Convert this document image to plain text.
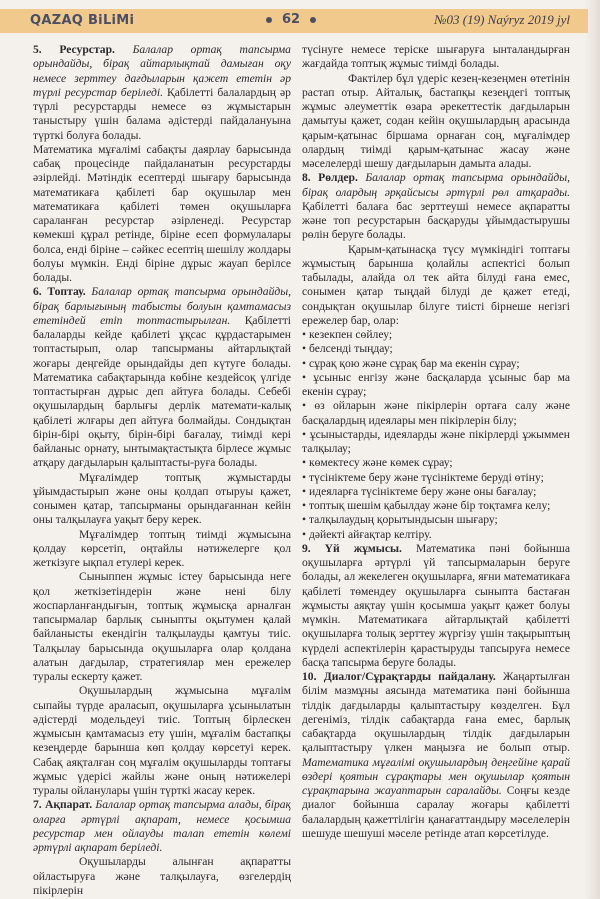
QAZAQ BiLiMi	62	№03 (19) Naýryz 2019 jyl

5. Ресурстар. Балалар ортақ тапсырма орындайды, бірақ айтарлықтай дамыған оқу немесе зерттеу дағдыларын қажет ететін әр түрлі ресурстар беріледі. Қабілетті балалардың әр түрлі ресурстарды немесе өз жұмыстарын таныстыру үшін балама әдістерді пайдалануына түрткі болуға болады.

Математика мұғалімі сабақты даярлау барысында сабақ процесінде пайдаланатын ресурстарды әзірлейді. Мәтіндік есептерді шығару барысында математикаға қабілеті бар оқушылар мен математикаға қабілеті төмен оқушыларға сараланған ресурстар әзірленеді. Ресурстар көмекші құрал ретінде, біріне есеп формулалары болса, енді біріне – сәйкес есептің шешілу жолдары болуы мүмкін. Енді біріне дұрыс жауап берілсе болады.

6. Топтау. Балалар ортақ тапсырма орындайды, бірақ барлығының табысты болуын қамтамасыз ететіндей етіп топтастырылған. Қабілетті балаларды кейде қабілеті ұқсас құрдастарымен топтастырып, олар тапсырманы айтарлықтай жоғары деңгейде орындайды деп күтуге болады. Математика сабақтарында көбіне кездейсоқ үлгіде топтастырған дұрыс деп айтуға болады. Себебі оқушылардың барлығы дерлік математи-калық қабілеті жлғары деп айтуға болмайды. Сондықтан бірін-бірі оқыту, бірін-бірі бағалау, тиімді кері байланыс орнату, ынтымақтастықта бірлесе жұмыс атқару дағдыларын қалыптасты-руға болады.

Мұғалімдер топтық жұмыстарды ұйымдастырып және оны қолдап отыруы қажет, сонымен қатар, тапсырманы орындағаннан кейін оны талқылауға уақыт беру керек.

Мұғалімдер топтың тиімді жұмысына қолдау көрсетіп, оңтайлы нәтижелерге қол жеткізуге ықпал етулері керек.

Сыныппен жұмыс істеу барысында неге қол жеткізетіндерін және нені білу жоспарланғандығын, топтық жұмысқа арналған тапсырмалар барлық сыныпты оқытумен қалай байланысты екендігін талқылауды қамтуы тиіс. Талқылау барысында оқушыларға олар қолдана алатын дағдылар, стратегиялар мен ережелер туралы ескерту қажет.

Оқушылардың жұмысына мұғалім сыпайы түрде араласып, оқушыларға ұсынылатын әдістерді модельдеуі тиіс. Топтың бірлескен жұмысын қамтамасыз ету үшін, мұғалім бастапқы кезеңдерде барынша көп қолдау көрсетуі керек. Сабақ аяқталған соң мұғалім оқушыларды топтағы жұмыс үдерісі жайлы және оның нәтижелері туралы ойланулары үшін түрткі жасау керек.

7. Ақпарат. Балалар ортақ тапсырма алады, бірақ оларға әртүрлі ақпарат, немесе қосымша ресурстар мен ойлауды талап ететін көлемі әртүрлі ақпарат беріледі.

Оқушыларды алынған ақпаратты ойластыруға және талқылауға, өзгелердің пікірлерін

түсінуге немесе теріске шығаруға ынталандырған жағдайда топтық жұмыс тиімді болады.

Фактілер бұл үдеріс кезең-кезеңмен өтетінін растап отыр. Айталық, бастапқы кезеңдегі топтық жұмыс әлеуметтік өзара әрекеттестік дағдыларын дамытуы қажет, содан кейін оқушылардың арасында қарым-қатынас біршама орнаған соң, мұғалімдер олардың тиімді қарым-қатынас жасау және мәселелерді шешу дағдыларын дамыта алады.

8. Рөлдер. Балалар ортақ тапсырма орындайды, бірақ олардың әрқайсысы әртүрлі рөл атқарады. Қабілетті балаға бас зерттеуші немесе ақпаратты және топ ресурстарын басқаруды ұйымдастырушы рөлін беруге болады.

Қарым-қатынасқа түсу мүмкіндігі топтағы жұмыстың барынша қолайлы аспектісі болып табылады, алайда ол тек айта білуді ғана емес, сонымен қатар тыңдай білуді де қажет етеді, сондықтан оқушылар білуге тиісті бірнеше негізгі ережелер бар, олар:

• кезекпен сөйлеу;

• белсенді тыңдау;

• сұрақ қою және сұрақ бар ма екенін сұрау;

• ұсыныс енгізу және басқаларда ұсыныс бар ма екенін сұрау;

• өз ойларын және пікірлерін ортаға салу және басқалардың идеялары мен пікірлерін білу;

• ұсыныстарды, идеяларды және пікірлерді ұжыммен талқылау;

• көмектесу және көмек сұрау;

• түсініктеме беру және түсініктеме беруді өтіну;

• идеяларға түсініктеме беру және оны бағалау;

• топтық шешім қабылдау және бір тоқтамға келу;

• талқылаудың қорытындысын шығару;

• дәйекті айғақтар келтіру.

9. Үй жұмысы. Математика пәні бойынша оқушыларға әртүрлі үй тапсырмаларын беруге болады, ал жекелеген оқушыларға, яғни математикаға қабілеті төмендеу оқушыларға сыныпта бастаған жұмысты аяқтау үшін қосымша уақыт қажет болуы мүмкін. Математикаға айтарлықтай қабілетті оқушыларға толық зерттеу жүргізу үшін тақырыптың күрделі аспектілерін қарастыруды тапсыруға немесе басқа тапсырма беруге болады.

10. Диалог/Сұрақтарды пайдалану. Жаңартылған білім мазмұны аясында математика пәні бойынша тілдік дағдыларды қалыптастыру көзделген. Бұл дегеніміз, тілдік сабақтарда ғана емес, барлық сабақтарда оқушылардың тілдік дағдыларын қалыптастыру үлкен маңызға ие болып отыр. Математика мұғалімі оқушылардың деңгейіне қарай өздері қоятын сұрақтары мен оқушылар қоятын сұрақтарына жауаптарын саралайды. Соңғы кезде диалог бойынша саралау жоғары қабілетті балалардың қажеттілігін қанағаттандыру мәселелерін шешуде шешуші мәселе ретінде атап көрсетілуде.
